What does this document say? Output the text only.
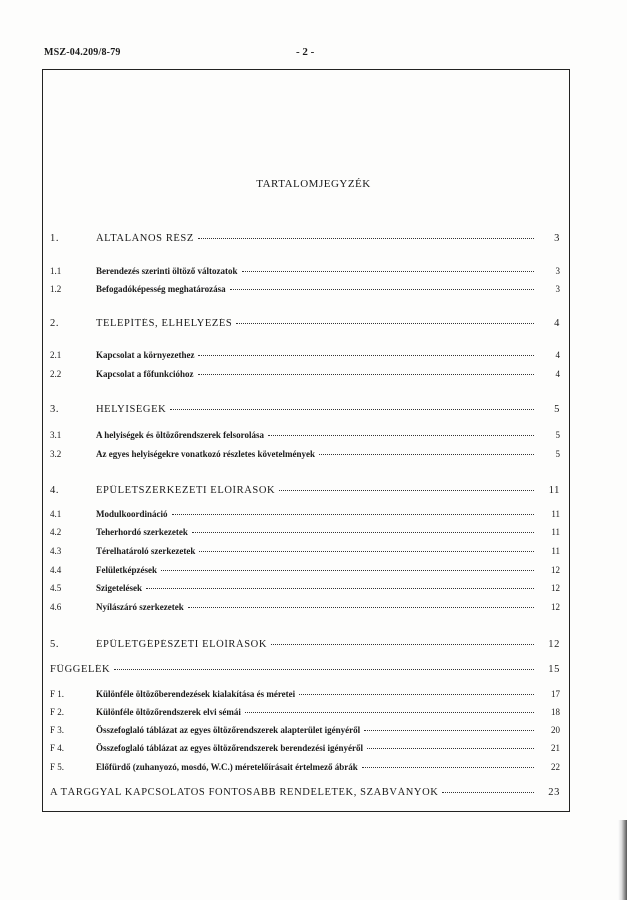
MSZ-04.209/8-79	- 2 -
TARTALOMJEGYZÉK
1.	ÁLTALÁNOS RÉSZ	3
1.1	Berendezés szerinti öltöző változatok	3
1.2	Befogadóképesség meghatározása	3
2.	TELEPÍTÉS, ELHELYEZÉS	4
2.1	Kapcsolat a környezethez	4
2.2	Kapcsolat a főfunkcióhoz	4
3.	HELYISÉGEK	5
3.1	A helyiségek és öltözőrendszerek felsorolása	5
3.2	Az egyes helyiségekre vonatkozó részletes követelmények	5
4.	ÉPÜLETSZERKEZETI ELŐÍRÁSOK	11
4.1	Modulkoordináció	11
4.2	Teherhordó szerkezetek	11
4.3	Térelhatároló szerkezetek	11
4.4	Felületképzések	12
4.5	Szigetelések	12
4.6	Nyílászáró szerkezetek	12
5.	ÉPÜLETGÉPÉSZETI ELŐÍRÁSOK	12
FÜGGELÉK	15
F 1.	Különféle öltözőberendezések kialakítása és méretei	17
F 2.	Különféle öltözőrendszerek elvi sémái	18
F 3.	Összefoglaló táblázat az egyes öltözőrendszerek alapterület igényéről	20
F 4.	Összefoglaló táblázat az egyes öltözőrendszerek berendezési igényéről	21
F 5.	Előfürdő (zuhanyozó, mosdó, W.C.) méretelőírásait értelmező ábrák	22
A TÁRGGYAL KAPCSOLATOS FONTOSABB RENDELETEK, SZABVÁNYOK	23
